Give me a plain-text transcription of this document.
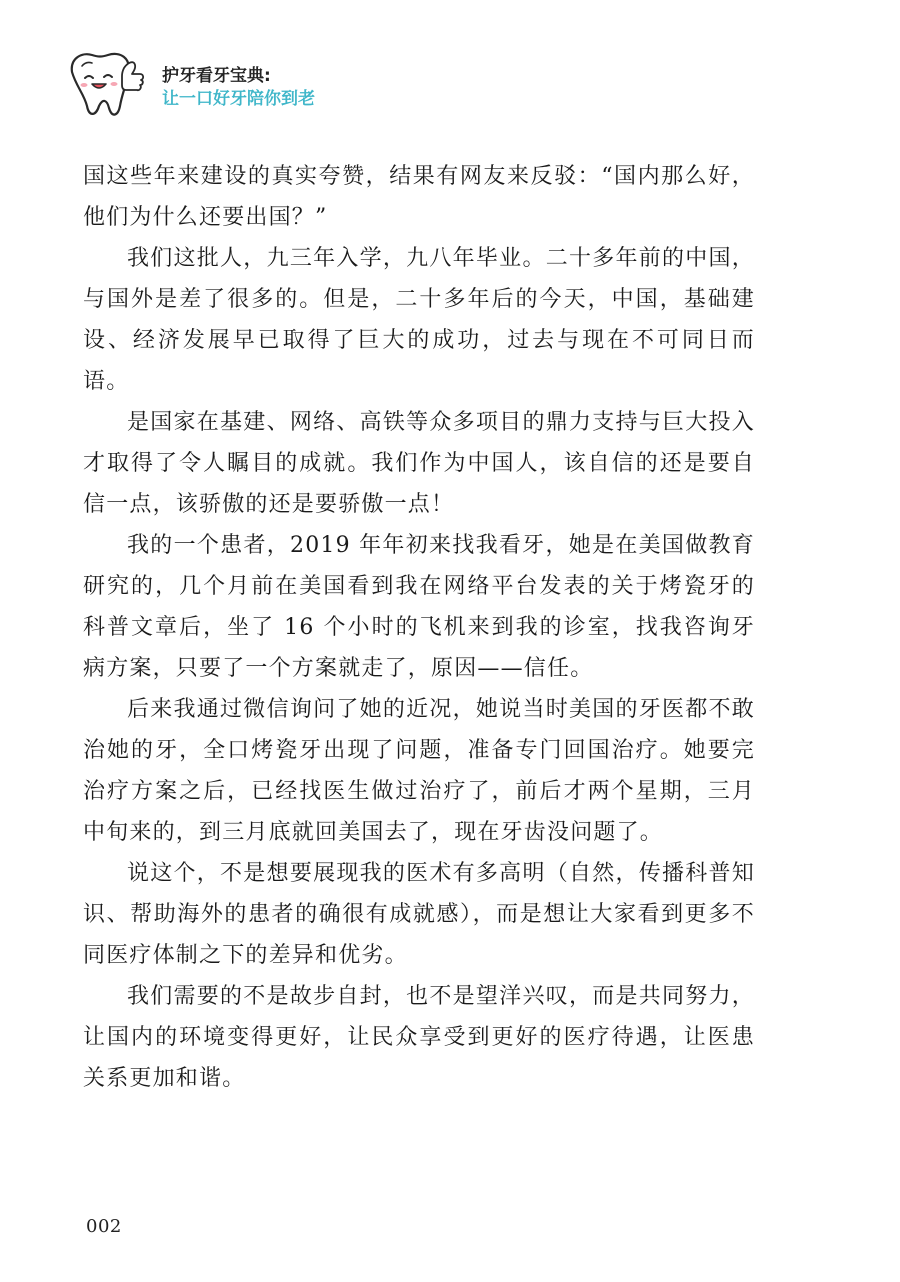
护牙看牙宝典:
让一口好牙陪你到老

国这些年来建设的真实夸赞，结果有网友来反驳：“国内那么好，他们为什么还要出国？”

我们这批人，九三年入学，九八年毕业。二十多年前的中国，与国外是差了很多的。但是，二十多年后的今天，中国，基础建设、经济发展早已取得了巨大的成功，过去与现在不可同日而语。

是国家在基建、网络、高铁等众多项目的鼎力支持与巨大投入才取得了令人瞩目的成就。我们作为中国人，该自信的还是要自信一点，该骄傲的还是要骄傲一点！

我的一个患者，2019 年年初来找我看牙，她是在美国做教育研究的，几个月前在美国看到我在网络平台发表的关于烤瓷牙的科普文章后，坐了 16 个小时的飞机来到我的诊室，找我咨询牙病方案，只要了一个方案就走了，原因——信任。

后来我通过微信询问了她的近况，她说当时美国的牙医都不敢治她的牙，全口烤瓷牙出现了问题，准备专门回国治疗。她要完治疗方案之后，已经找医生做过治疗了，前后才两个星期，三月中旬来的，到三月底就回美国去了，现在牙齿没问题了。

说这个，不是想要展现我的医术有多高明（自然，传播科普知识、帮助海外的患者的确很有成就感），而是想让大家看到更多不同医疗体制之下的差异和优劣。

我们需要的不是故步自封，也不是望洋兴叹，而是共同努力，让国内的环境变得更好，让民众享受到更好的医疗待遇，让医患关系更加和谐。

002
